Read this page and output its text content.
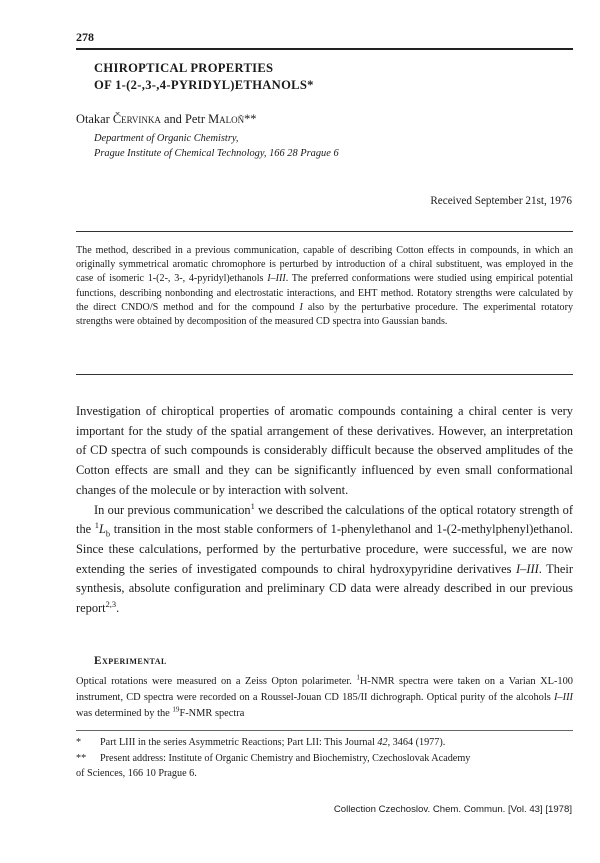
278
CHIROPTICAL PROPERTIES
OF 1-(2-,3-,4-PYRIDYL)ETHANOLS*
Otakar Červinka and Petr Maloň**
Department of Organic Chemistry,
Prague Institute of Chemical Technology, 166 28 Prague 6
Received September 21st, 1976
The method, described in a previous communication, capable of describing Cotton effects in compounds, in which an originally symmetrical aromatic chromophore is perturbed by introduction of a chiral substituent, was employed in the case of isomeric 1-(2-, 3-, 4-pyridyl)ethanols I–III. The preferred conformations were studied using empirical potential functions, describing nonbonding and electrostatic interactions, and EHT method. Rotatory strengths were calculated by the direct CNDO/S method and for the compound I also by the perturbative procedure. The experimental rotatory strengths were obtained by decomposition of the measured CD spectra into Gaussian bands.

Investigation of chiroptical properties of aromatic compounds containing a chiral center is very important for the study of the spatial arrangement of these derivatives. However, an interpretation of CD spectra of such compounds is considerably difficult because the observed amplitudes of the Cotton effects are small and they can be significantly influenced by even small conformational changes of the molecule or by interaction with solvent.

In our previous communication$^1$ we described the calculations of the optical rotatory strength of the $^1L_b$ transition in the most stable conformers of 1-phenylethanol and 1-(2-methylphenyl)ethanol. Since these calculations, performed by the perturbative procedure, were successful, we are now extending the series of investigated compounds to chiral hydroxypyridine derivatives I–III. Their synthesis, absolute configuration and preliminary CD data were already described in our previous report$^{2,3}$.

Experimental
Optical rotations were measured on a Zeiss Opton polarimeter. $^1$H-NMR spectra were taken on a Varian XL-100 instrument, CD spectra were recorded on a Roussel-Jouan CD 185/II dichrograph. Optical purity of the alcohols I–III was determined by the $^{19}$F-NMR spectra
* Part LIII in the series Asymmetric Reactions; Part LII: This Journal 42, 3464 (1977).
** Present address: Institute of Organic Chemistry and Biochemistry, Czechoslovak Academy
of Sciences, 166 10 Prague 6.
Collection Czechoslov. Chem. Commun. [Vol. 43] [1978]
